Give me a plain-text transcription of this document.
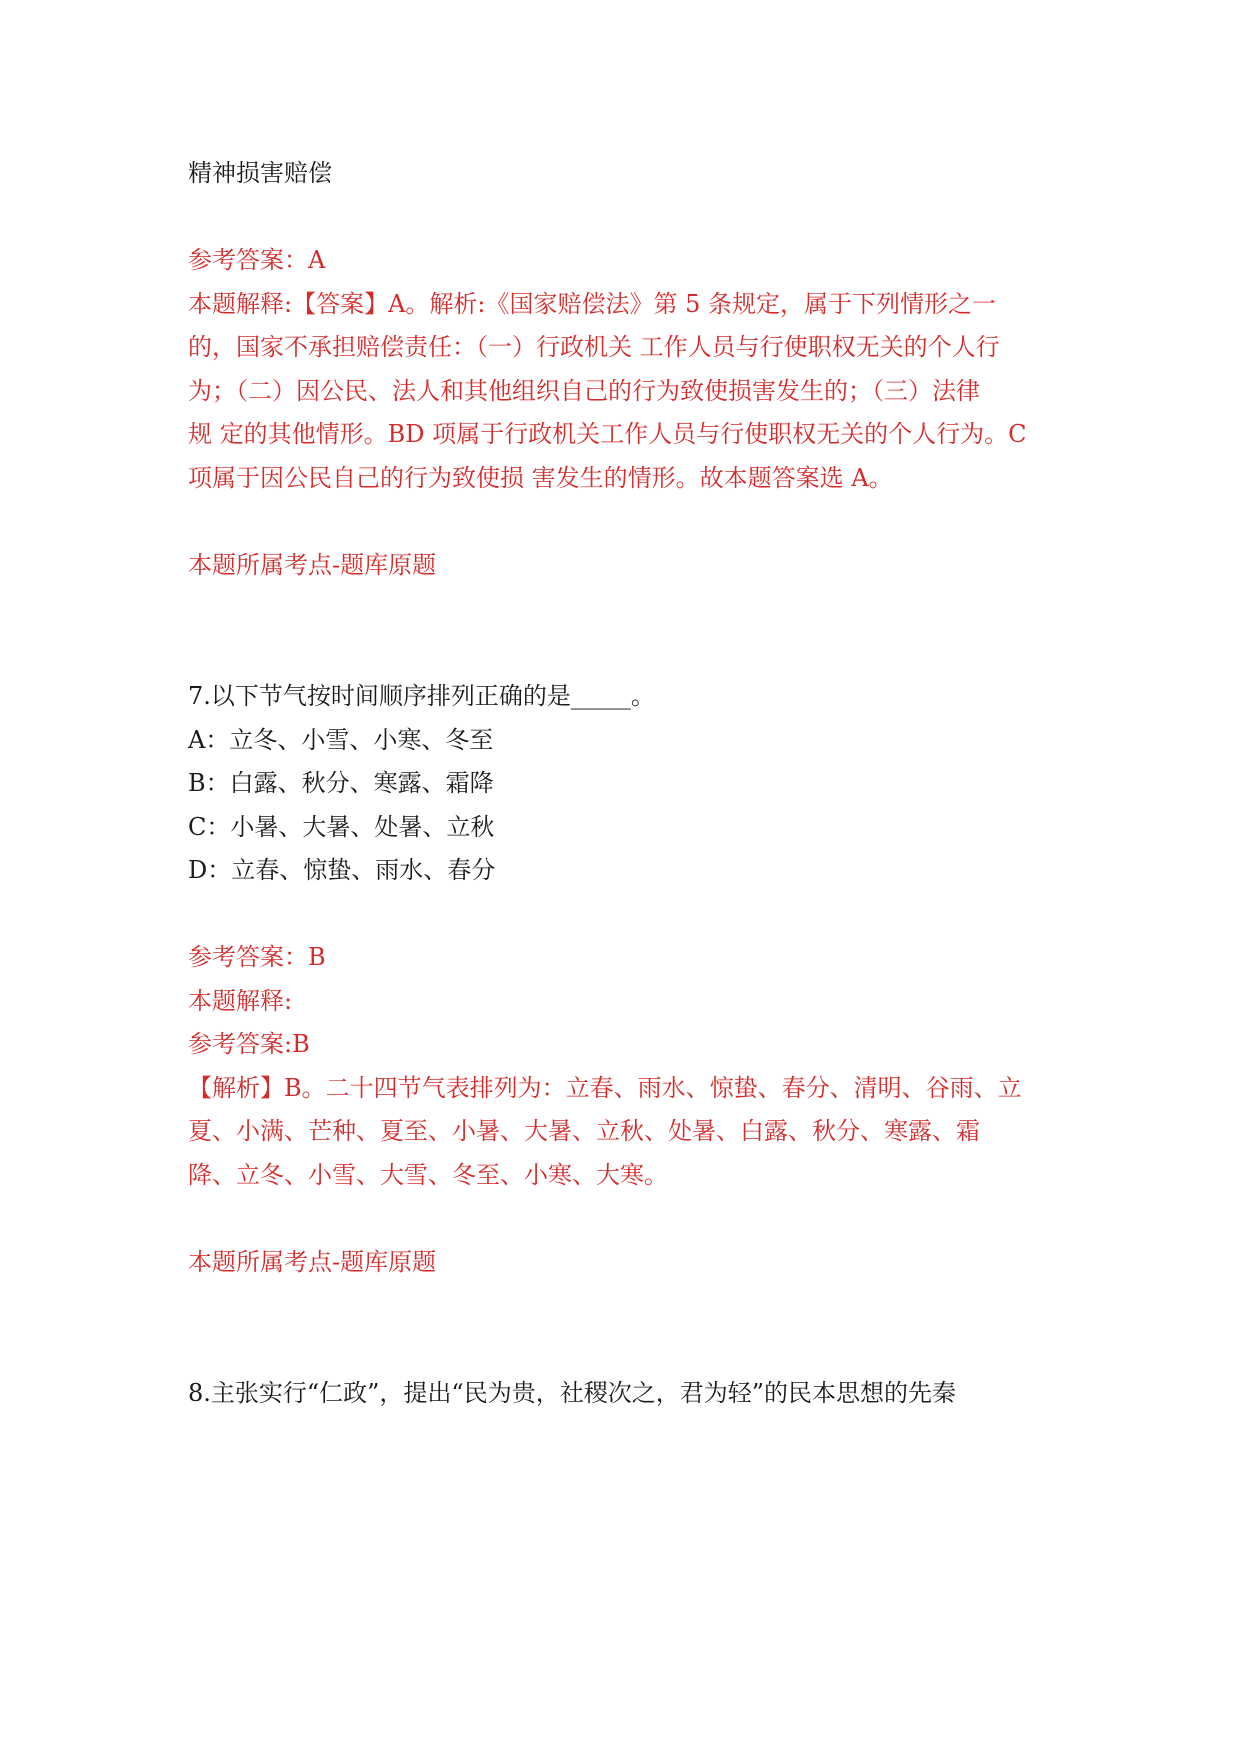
精神损害赔偿
参考答案：A
本题解释:【答案】A。解析:《国家赔偿法》第 5 条规定，属于下列情形之一
的，国家不承担赔偿责任：（一）行政机关 工作人员与行使职权无关的个人行
为；（二）因公民、法人和其他组织自己的行为致使损害发生的；（三）法律
规 定的其他情形。BD 项属于行政机关工作人员与行使职权无关的个人行为。C
项属于因公民自己的行为致使损 害发生的情形。故本题答案选 A。
本题所属考点-题库原题
7.以下节气按时间顺序排列正确的是_____。
A：立冬、小雪、小寒、冬至
B：白露、秋分、寒露、霜降
C：小暑、大暑、处暑、立秋
D：立春、惊蛰、雨水、春分
参考答案：B
本题解释:
参考答案:B
【解析】B。二十四节气表排列为：立春、雨水、惊蛰、春分、清明、谷雨、立
夏、小满、芒种、夏至、小暑、大暑、立秋、处暑、白露、秋分、寒露、霜
降、立冬、小雪、大雪、冬至、小寒、大寒。
本题所属考点-题库原题
8.主张实行“仁政”，提出“民为贵，社稷次之，君为轻”的民本思想的先秦
